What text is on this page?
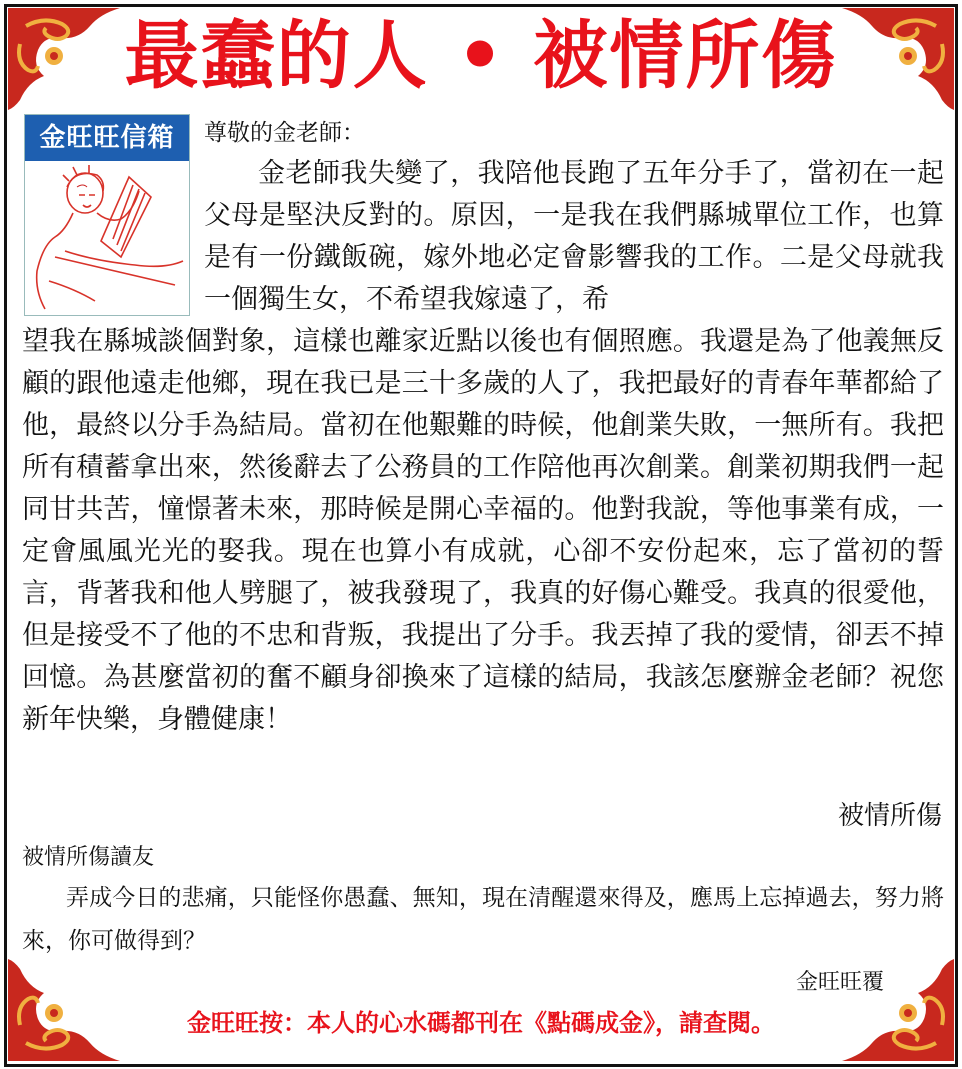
最蠢的人 • 被情所傷
金旺旺信箱	尊敬的金老師：

金老師我失變了，我陪他長跑了五年分手了，當初在一起父母是堅決反對的。原因，一是我在我們縣城單位工作，也算是有一份鐵飯碗，嫁外地必定會影響我的工作。二是父母就我一個獨生女，不希望我嫁遠了，希

望我在縣城談個對象，這樣也離家近點以後也有個照應。我還是為了他義無反顧的跟他遠走他鄉，現在我已是三十多歲的人了，我把最好的青春年華都給了他，最終以分手為結局。當初在他艱難的時候，他創業失敗，一無所有。我把所有積蓄拿出來，然後辭去了公務員的工作陪他再次創業。創業初期我們一起同甘共苦，憧憬著未來，那時候是開心幸福的。他對我說，等他事業有成，一定會風風光光的娶我。現在也算小有成就，心卻不安份起來，忘了當初的誓言，背著我和他人劈腿了，被我發現了，我真的好傷心難受。我真的很愛他，但是接受不了他的不忠和背叛，我提出了分手。我丟掉了我的愛情，卻丟不掉回憶。為甚麼當初的奮不顧身卻換來了這樣的結局，我該怎麼辦金老師？祝您新年快樂，身體健康！

被情所傷
被情所傷讀友

弄成今日的悲痛，只能怪你愚蠢、無知，現在清醒還來得及，應馬上忘掉過去，努力將來，你可做得到？

金旺旺覆
金旺旺按：本人的心水碼都刊在《點碼成金》，請查閱。
